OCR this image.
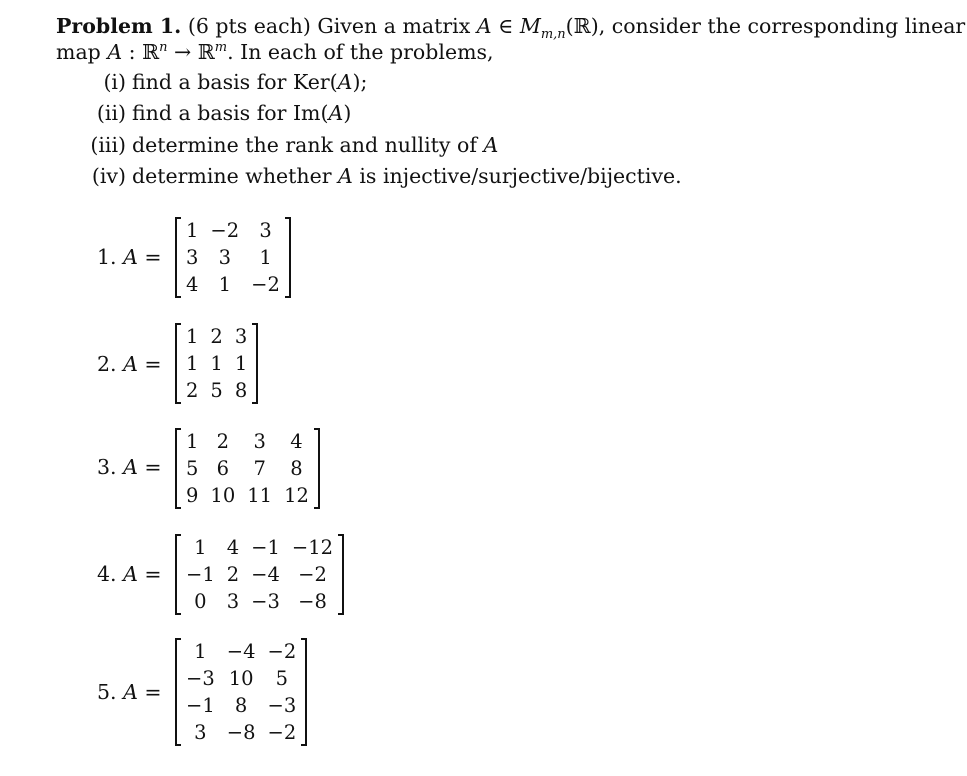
Problem 1. (6 pts each) Given a matrix A ∈ $M_{m,n}(ℝ)$, consider the corresponding linear
map A : ℝ$^n$ → ℝ$^m$. In each of the problems,
(i) find a basis for Ker(A);
(ii) find a basis for Im(A)
(iii) determine the rank and nullity of A
(iv) determine whether A is injective/surjective/bijective.
1. A =
1	−2	3
3	3	1
4	1	−2
2. A =
1	2	3
1	1	1
2	5	8
3. A =
1	2	3	4
5	6	7	8
9	10	11	12
4. A =
1	4	−1	−12
−1	2	−4	−2
0	3	−3	−8
5. A =
1	−4	−2
−3	10	5
−1	8	−3
3	−8	−2
